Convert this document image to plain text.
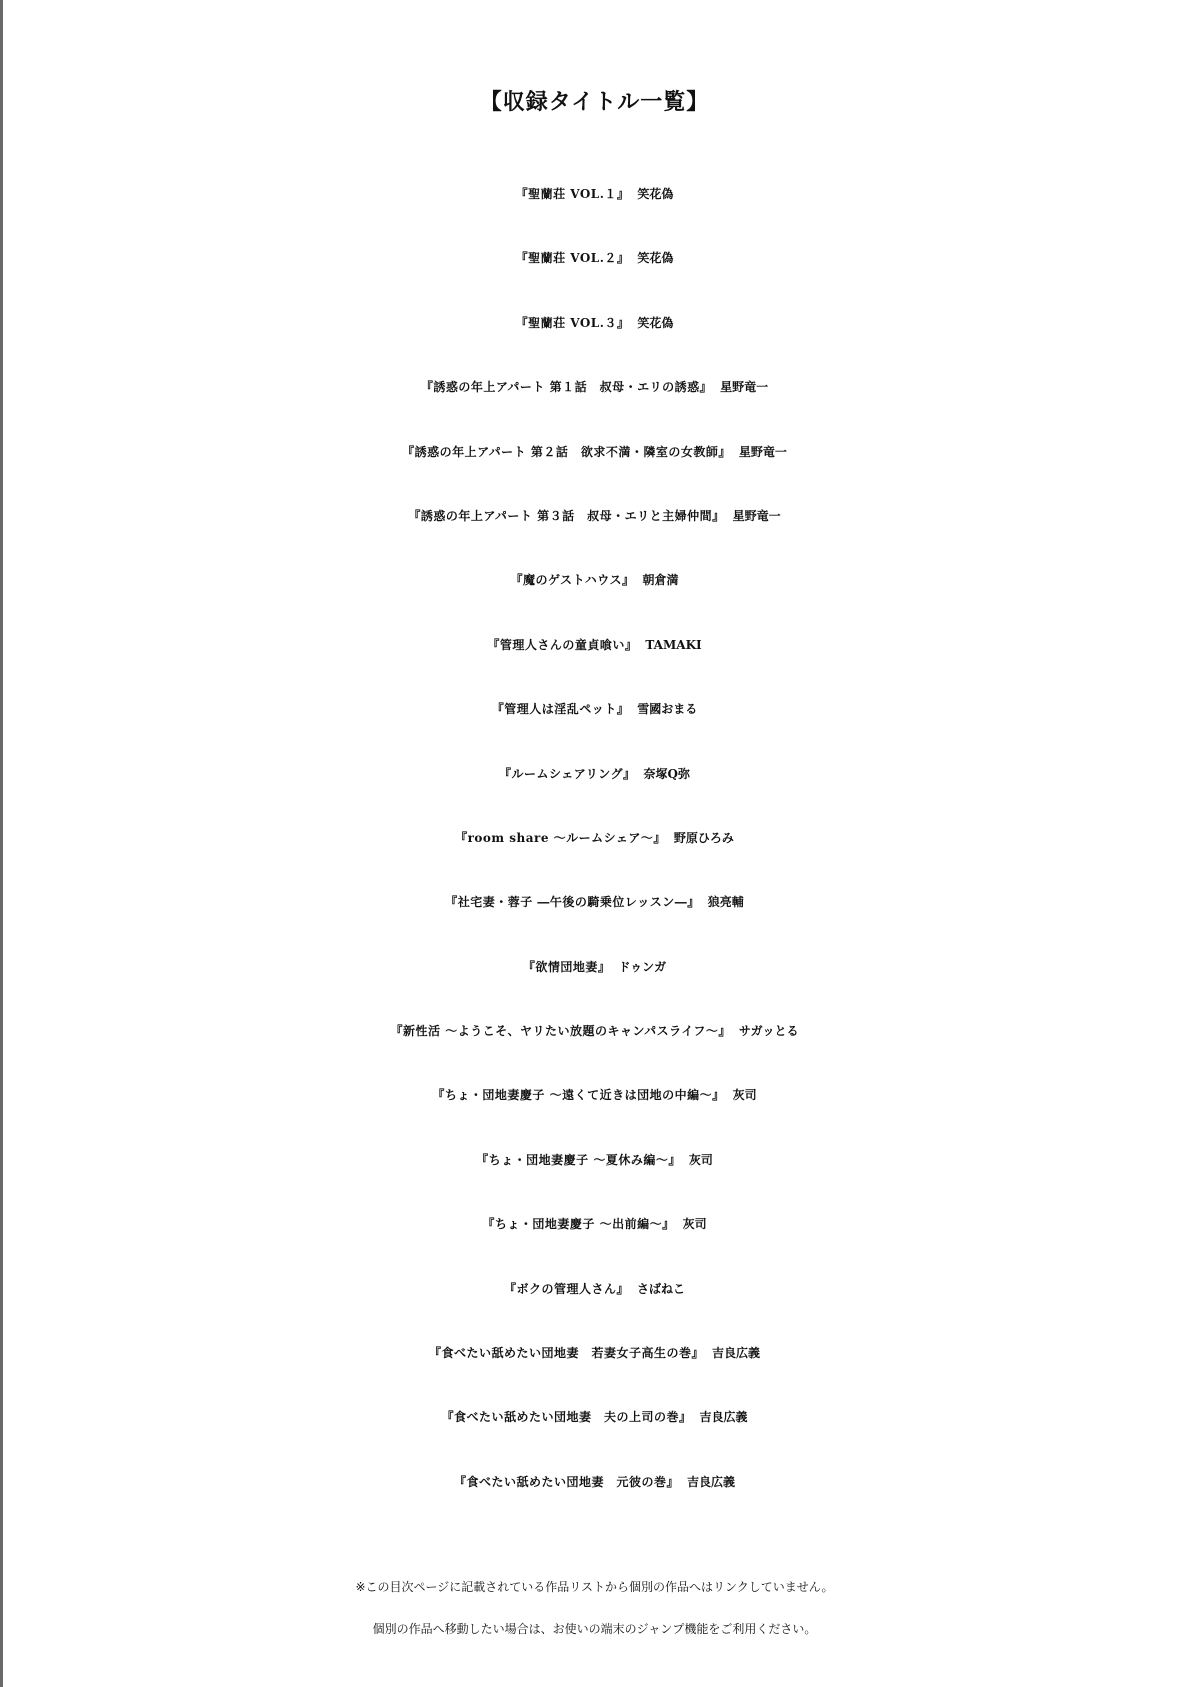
【収録タイトル一覧】
『聖蘭荘 VOL.１』 笑花偽
『聖蘭荘 VOL.２』 笑花偽
『聖蘭荘 VOL.３』 笑花偽
『誘惑の年上アパート 第１話　叔母・エリの誘惑』 星野竜一
『誘惑の年上アパート 第２話　欲求不満・隣室の女教師』 星野竜一
『誘惑の年上アパート 第３話　叔母・エリと主婦仲間』 星野竜一
『魔のゲストハウス』 朝倉満
『管理人さんの童貞喰い』 TAMAKI
『管理人は淫乱ペット』 雪國おまる
『ルームシェアリング』 奈塚Q弥
『room share 〜ルームシェア〜』 野原ひろみ
『社宅妻・蓉子 ―午後の騎乗位レッスン―』 狼亮輔
『欲情団地妻』 ドゥンガ
『新性活 〜ようこそ、ヤリたい放題のキャンパスライフ〜』 サガッとる
『ちょ・団地妻慶子 〜遠くて近きは団地の中編〜』 灰司
『ちょ・団地妻慶子 〜夏休み編〜』 灰司
『ちょ・団地妻慶子 〜出前編〜』 灰司
『ボクの管理人さん』 さばねこ
『食べたい舐めたい団地妻　若妻女子高生の巻』 吉良広義
『食べたい舐めたい団地妻　夫の上司の巻』 吉良広義
『食べたい舐めたい団地妻　元彼の巻』 吉良広義
※この目次ページに記載されている作品リストから個別の作品へはリンクしていません。
個別の作品へ移動したい場合は、お使いの端末のジャンプ機能をご利用ください。
